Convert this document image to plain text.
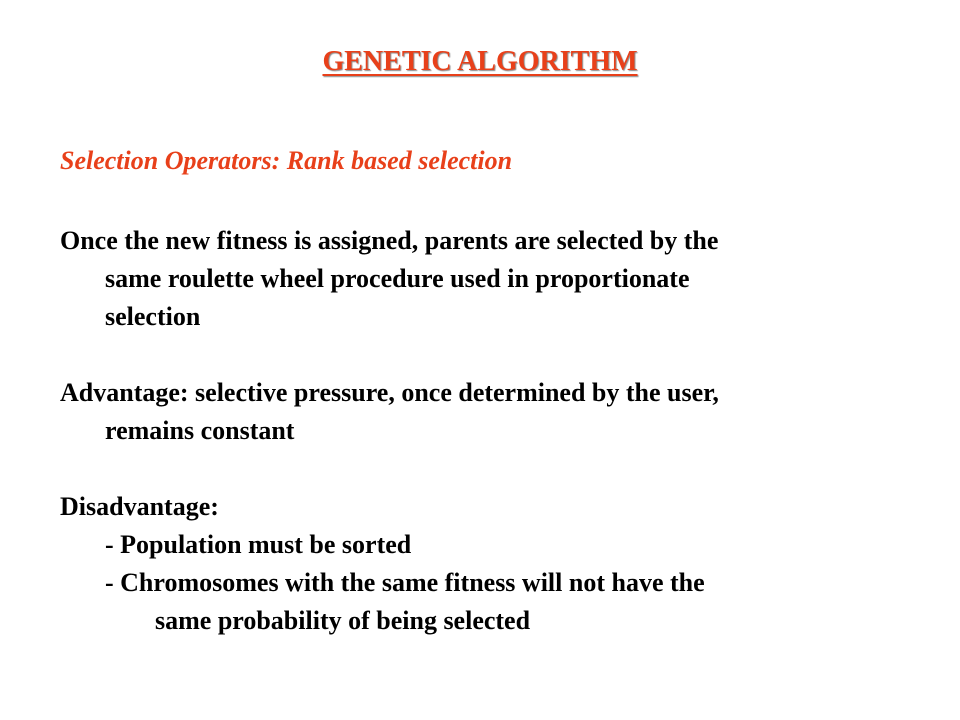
GENETIC ALGORITHM
Selection Operators: Rank based selection
Once the new fitness is assigned, parents are selected by the
same roulette wheel procedure used in proportionate
selection
Advantage: selective pressure, once determined by the user,
remains constant
Disadvantage:
- Population must be sorted
- Chromosomes with the same fitness will not have the
same probability of being selected
